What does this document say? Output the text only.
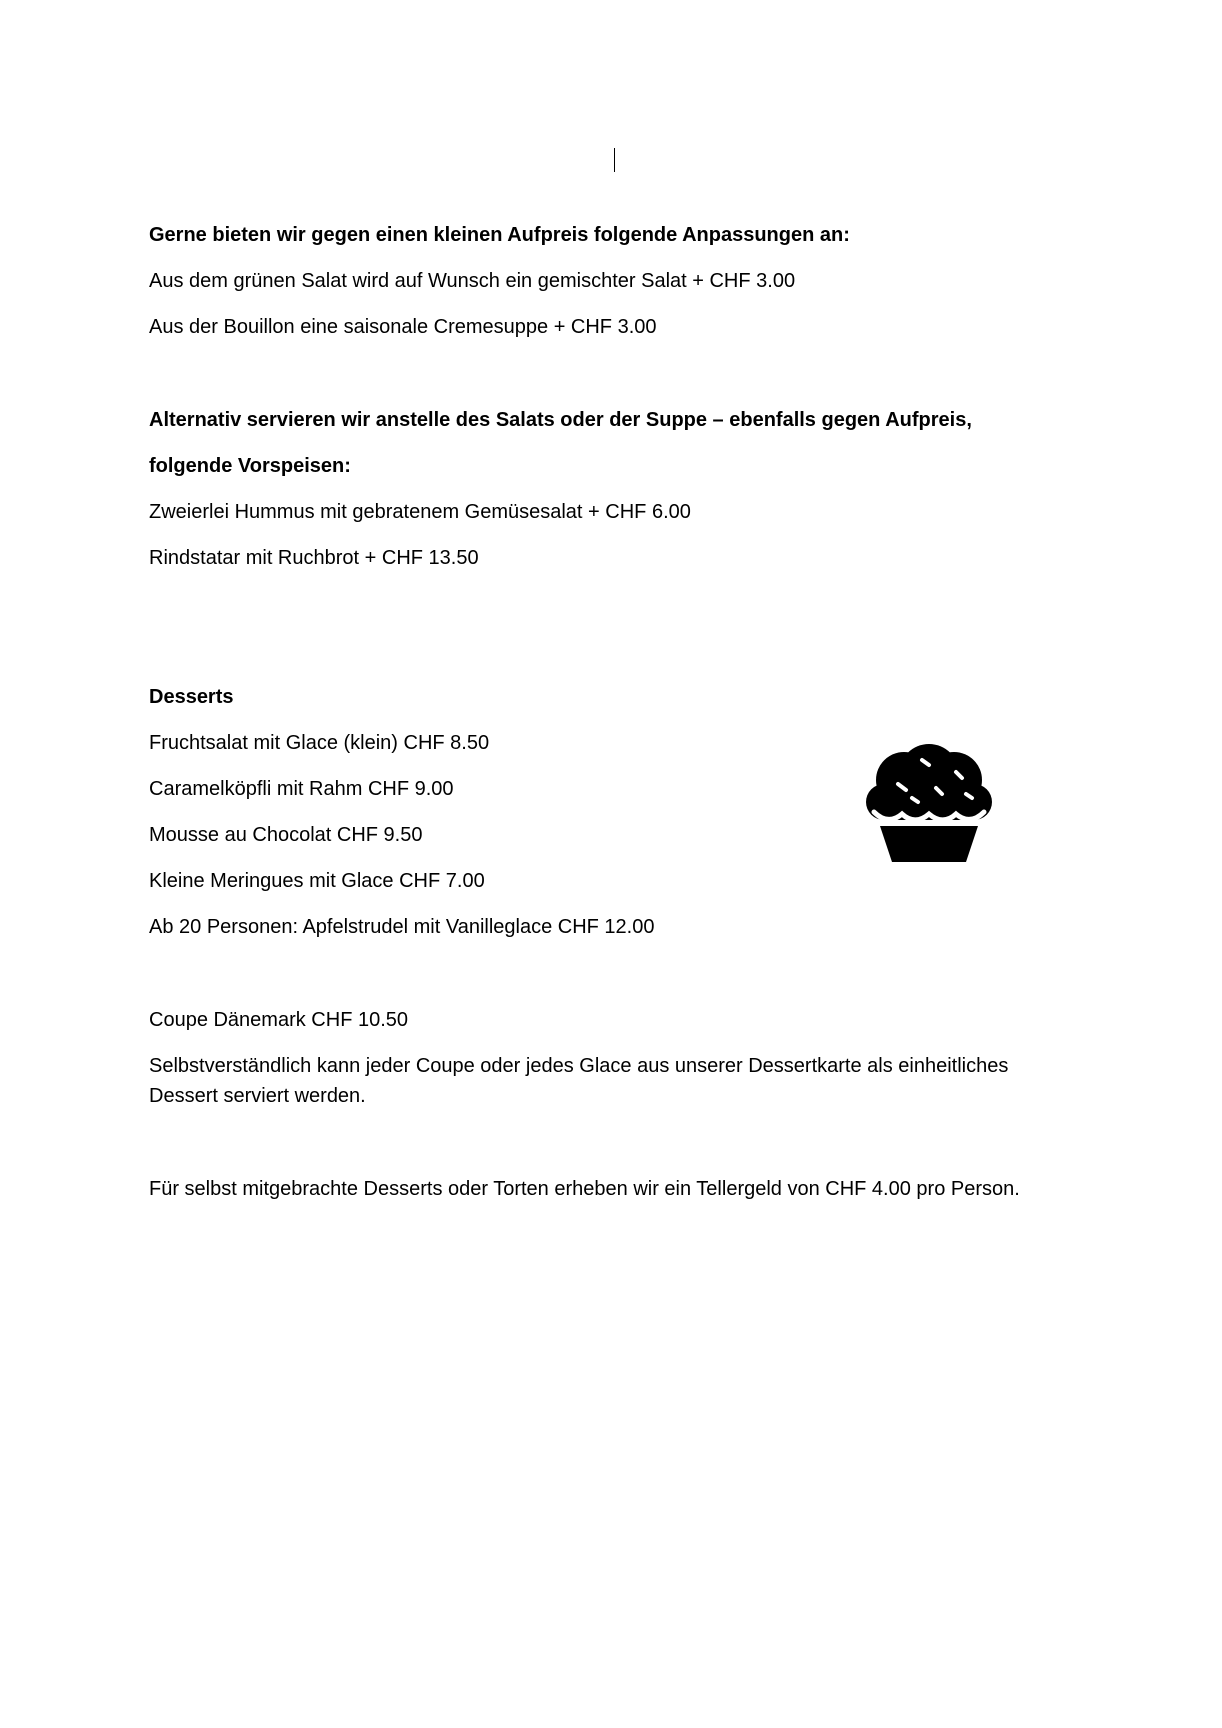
Gerne bieten wir gegen einen kleinen Aufpreis folgende Anpassungen an:
Aus dem grünen Salat wird auf Wunsch ein gemischter Salat + CHF 3.00
Aus der Bouillon eine saisonale Cremesuppe + CHF 3.00
Alternativ servieren wir anstelle des Salats oder der Suppe – ebenfalls gegen Aufpreis,
folgende Vorspeisen:
Zweierlei Hummus mit gebratenem Gemüsesalat + CHF 6.00
Rindstatar mit Ruchbrot + CHF 13.50
Desserts
Fruchtsalat mit Glace (klein) CHF 8.50
Caramelköpfli mit Rahm CHF 9.00
Mousse au Chocolat CHF 9.50
Kleine Meringues mit Glace CHF 7.00
Ab 20 Personen: Apfelstrudel mit Vanilleglace CHF 12.00
Coupe Dänemark CHF 10.50
Selbstverständlich kann jeder Coupe oder jedes Glace aus unserer Dessertkarte als einheitliches Dessert serviert werden.
Für selbst mitgebrachte Desserts oder Torten erheben wir ein Tellergeld von CHF 4.00 pro Person.
